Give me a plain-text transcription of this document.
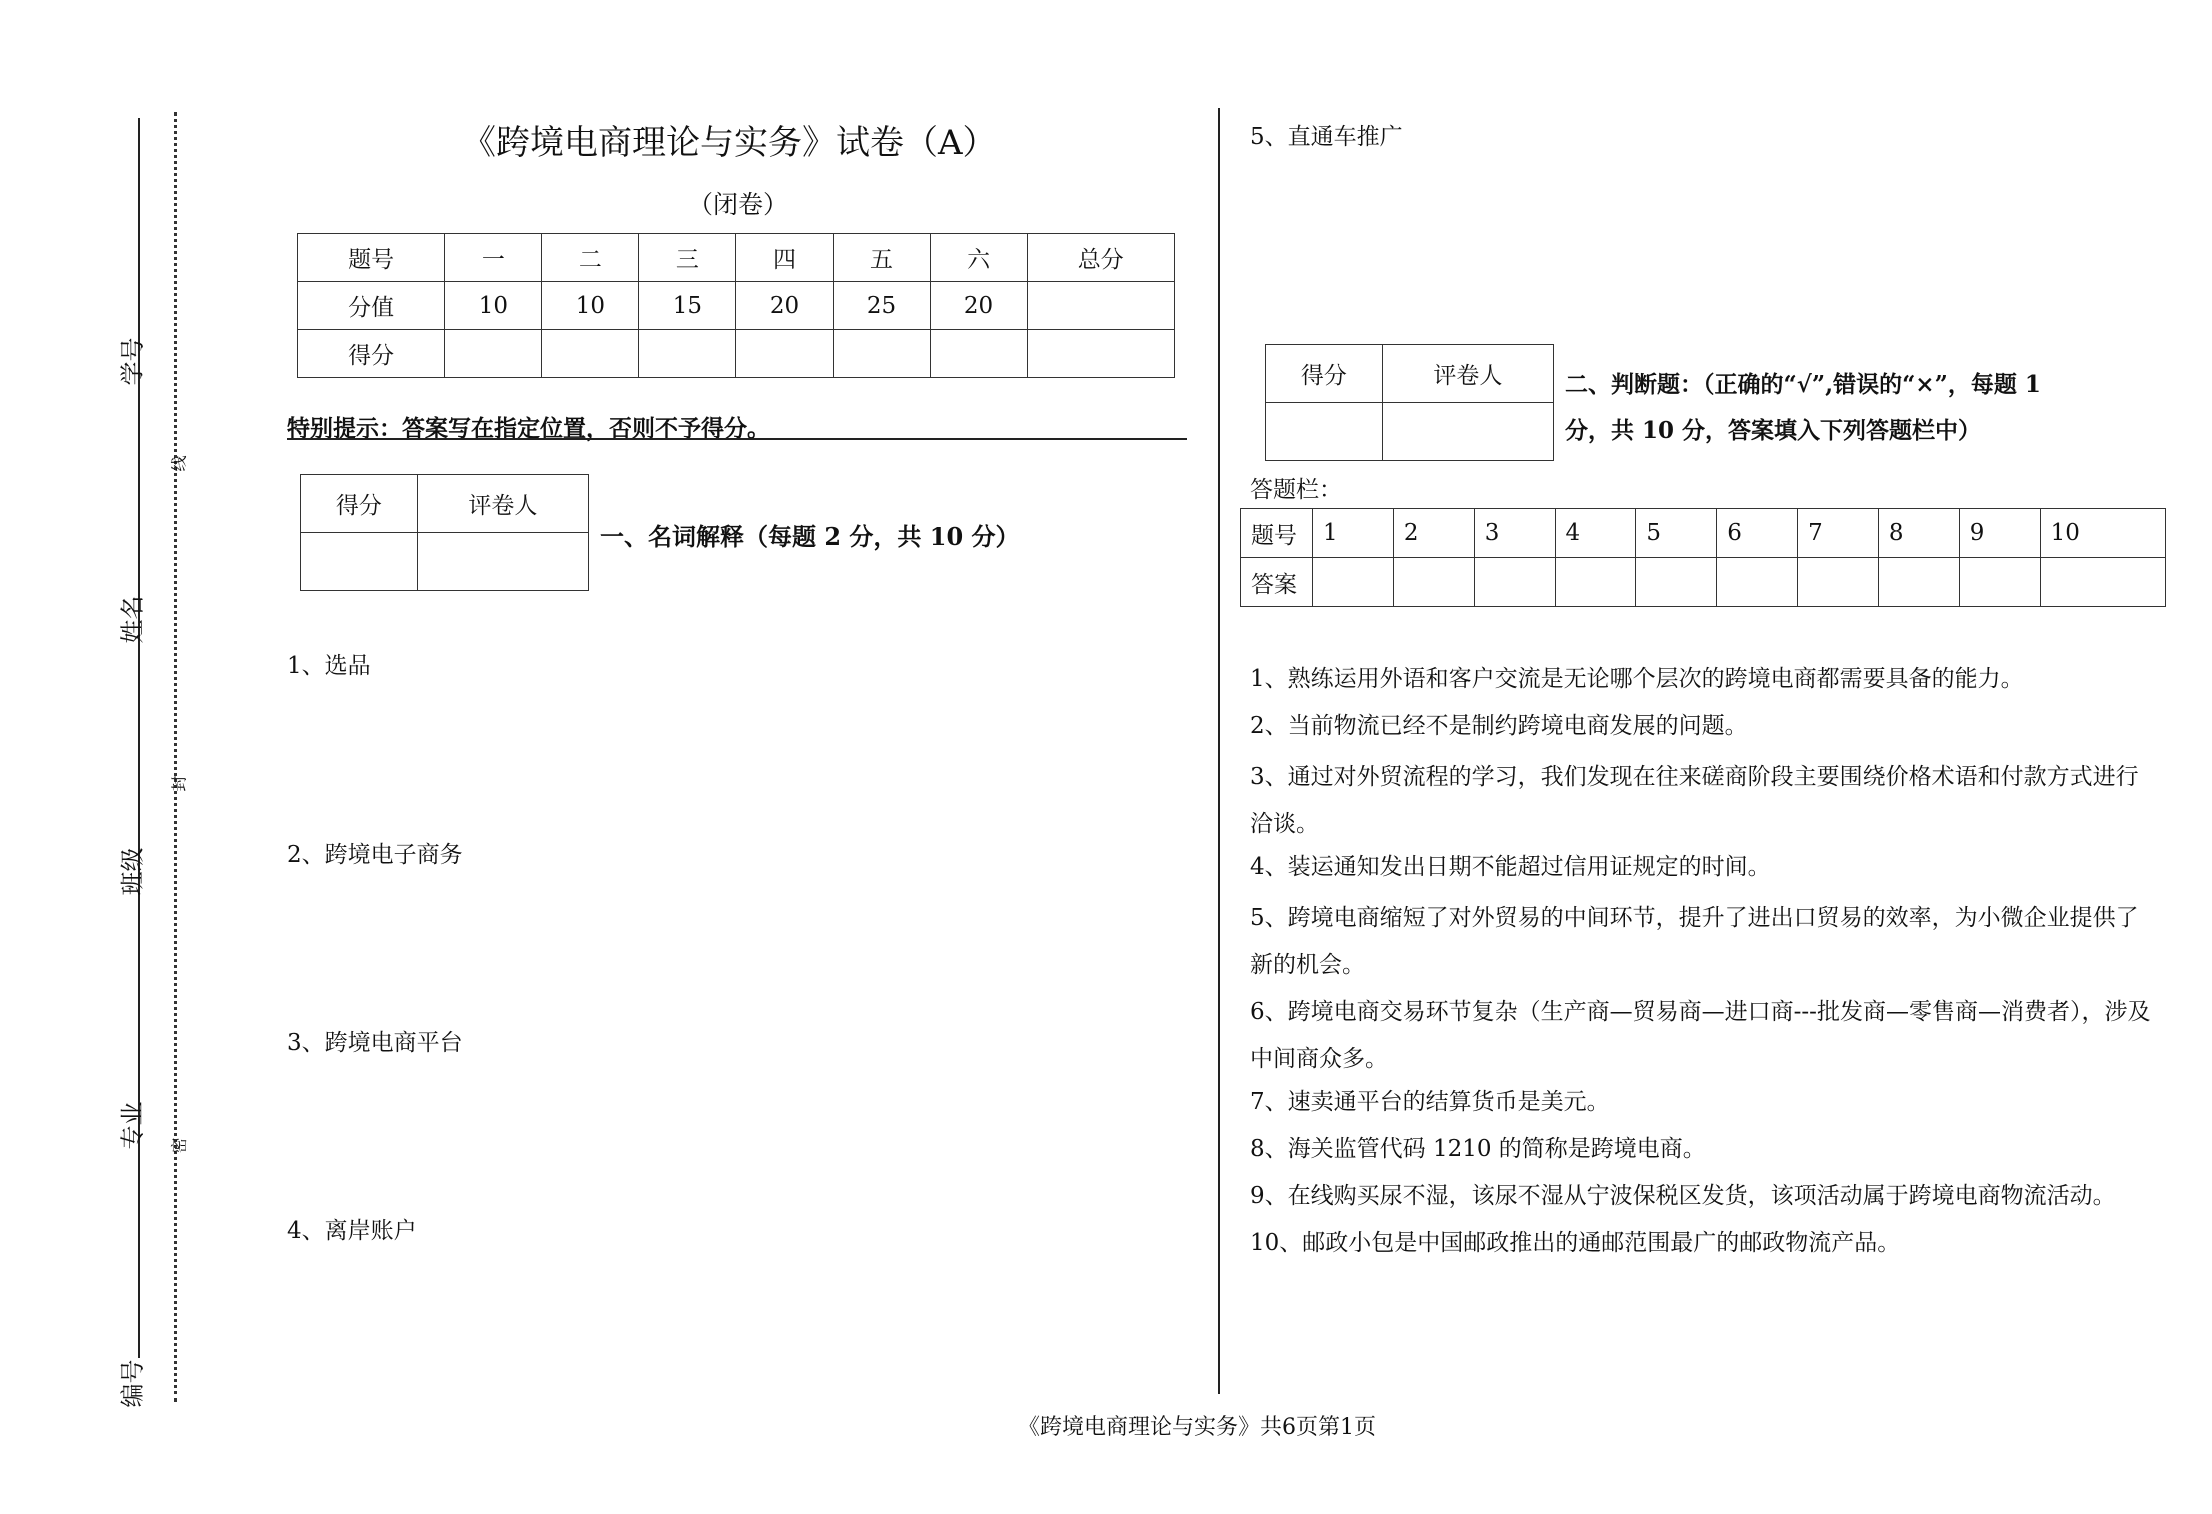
学号
姓名
班级
专业
编号
线
封
密
《跨境电商理论与实务》试卷（A）
（闭卷）
题号	一	二	三	四	五	六	总分
分值	10	10	15	20	25	20	
得分							
特别提示：答案写在指定位置，否则不予得分。
得分	评卷人

一、名词解释（每题 2 分，共 10 分）
1、选品
2、跨境电子商务
3、跨境电商平台
4、离岸账户
5、直通车推广
得分	评卷人
		二、判断题：（正确的“√”,错误的“×”，每题 1
分，共 10 分，答案填入下列答题栏中）
答题栏：
题号	1	2	3	4	5	6	7	8	9	10
答案										
1、熟练运用外语和客户交流是无论哪个层次的跨境电商都需要具备的能力。
2、当前物流已经不是制约跨境电商发展的问题。
3、通过对外贸流程的学习，我们发现在往来磋商阶段主要围绕价格术语和付款方式进行洽谈。
4、装运通知发出日期不能超过信用证规定的时间。
5、跨境电商缩短了对外贸易的中间环节，提升了进出口贸易的效率，为小微企业提供了新的机会。
6、跨境电商交易环节复杂（生产商—贸易商—进口商---批发商—零售商—消费者），涉及中间商众多。
7、速卖通平台的结算货币是美元。
8、海关监管代码 1210 的简称是跨境电商。
9、在线购买尿不湿，该尿不湿从宁波保税区发货，该项活动属于跨境电商物流活动。
10、邮政小包是中国邮政推出的通邮范围最广的邮政物流产品。
《跨境电商理论与实务》共6页第1页
